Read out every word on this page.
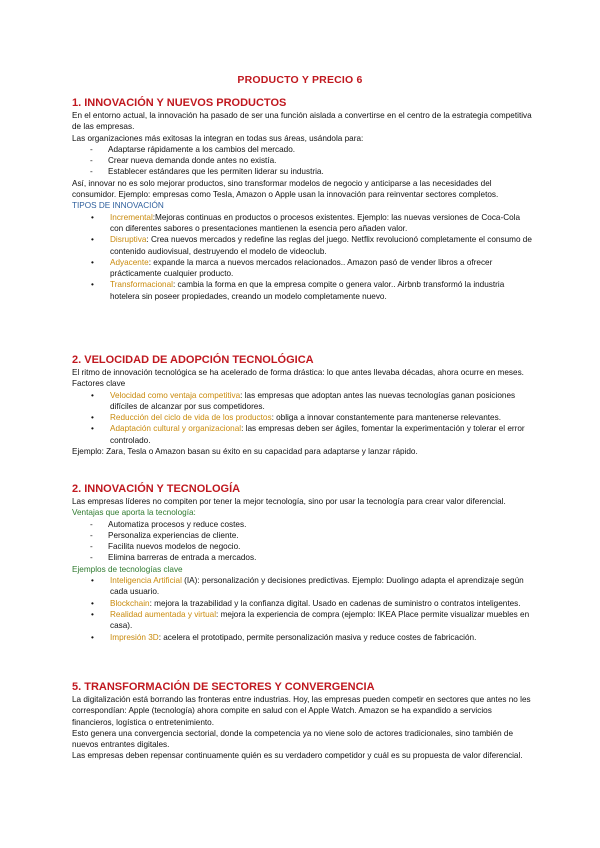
PRODUCTO Y PRECIO 6
1. INNOVACIÓN Y NUEVOS PRODUCTOS

En el entorno actual, la innovación ha pasado de ser una función aislada a convertirse en el centro de la estrategia competitiva de las empresas.

Las organizaciones más exitosas la integran en todas sus áreas, usándola para:

- Adaptarse rápidamente a los cambios del mercado.
- Crear nueva demanda donde antes no existía.
- Establecer estándares que les permiten liderar su industria.

Así, innovar no es solo mejorar productos, sino transformar modelos de negocio y anticiparse a las necesidades del consumidor. Ejemplo: empresas como Tesla, Amazon o Apple usan la innovación para reinventar sectores completos.

TIPOS DE INNOVACIÓN

• Incremental:Mejoras continuas en productos o procesos existentes. Ejemplo: las nuevas versiones de Coca-Cola con diferentes sabores o presentaciones mantienen la esencia pero añaden valor.
• Disruptiva: Crea nuevos mercados y redefine las reglas del juego. Netflix revolucionó completamente el consumo de contenido audiovisual, destruyendo el modelo de videoclub.
• Adyacente: expande la marca a nuevos mercados relacionados.. Amazon pasó de vender libros a ofrecer prácticamente cualquier producto.
• Transformacional: cambia la forma en que la empresa compite o genera valor.. Airbnb transformó la industria hotelera sin poseer propiedades, creando un modelo completamente nuevo.
2. VELOCIDAD DE ADOPCIÓN TECNOLÓGICA

El ritmo de innovación tecnológica se ha acelerado de forma drástica: lo que antes llevaba décadas, ahora ocurre en meses. Factores clave

• Velocidad como ventaja competitiva: las empresas que adoptan antes las nuevas tecnologías ganan posiciones difíciles de alcanzar por sus competidores.
• Reducción del ciclo de vida de los productos: obliga a innovar constantemente para mantenerse relevantes.
• Adaptación cultural y organizacional: las empresas deben ser ágiles, fomentar la experimentación y tolerar el error controlado.

Ejemplo: Zara, Tesla o Amazon basan su éxito en su capacidad para adaptarse y lanzar rápido.

2. INNOVACIÓN Y TECNOLOGÍA

Las empresas líderes no compiten por tener la mejor tecnología, sino por usar la tecnología para crear valor diferencial. Ventajas que aporta la tecnología:

- Automatiza procesos y reduce costes.
- Personaliza experiencias de cliente.
- Facilita nuevos modelos de negocio.
- Elimina barreras de entrada a mercados.

Ejemplos de tecnologías clave

• Inteligencia Artificial (IA): personalización y decisiones predictivas. Ejemplo: Duolingo adapta el aprendizaje según cada usuario.
• Blockchain: mejora la trazabilidad y la confianza digital. Usado en cadenas de suministro o contratos inteligentes.
• Realidad aumentada y virtual: mejora la experiencia de compra (ejemplo: IKEA Place permite visualizar muebles en casa).
• Impresión 3D: acelera el prototipado, permite personalización masiva y reduce costes de fabricación.
5. TRANSFORMACIÓN DE SECTORES Y CONVERGENCIA

La digitalización está borrando las fronteras entre industrias. Hoy, las empresas pueden competir en sectores que antes no les correspondían: Apple (tecnología) ahora compite en salud con el Apple Watch. Amazon se ha expandido a servicios financieros, logística o entretenimiento.

Esto genera una convergencia sectorial, donde la competencia ya no viene solo de actores tradicionales, sino también de nuevos entrantes digitales.

Las empresas deben repensar continuamente quién es su verdadero competidor y cuál es su propuesta de valor diferencial.
